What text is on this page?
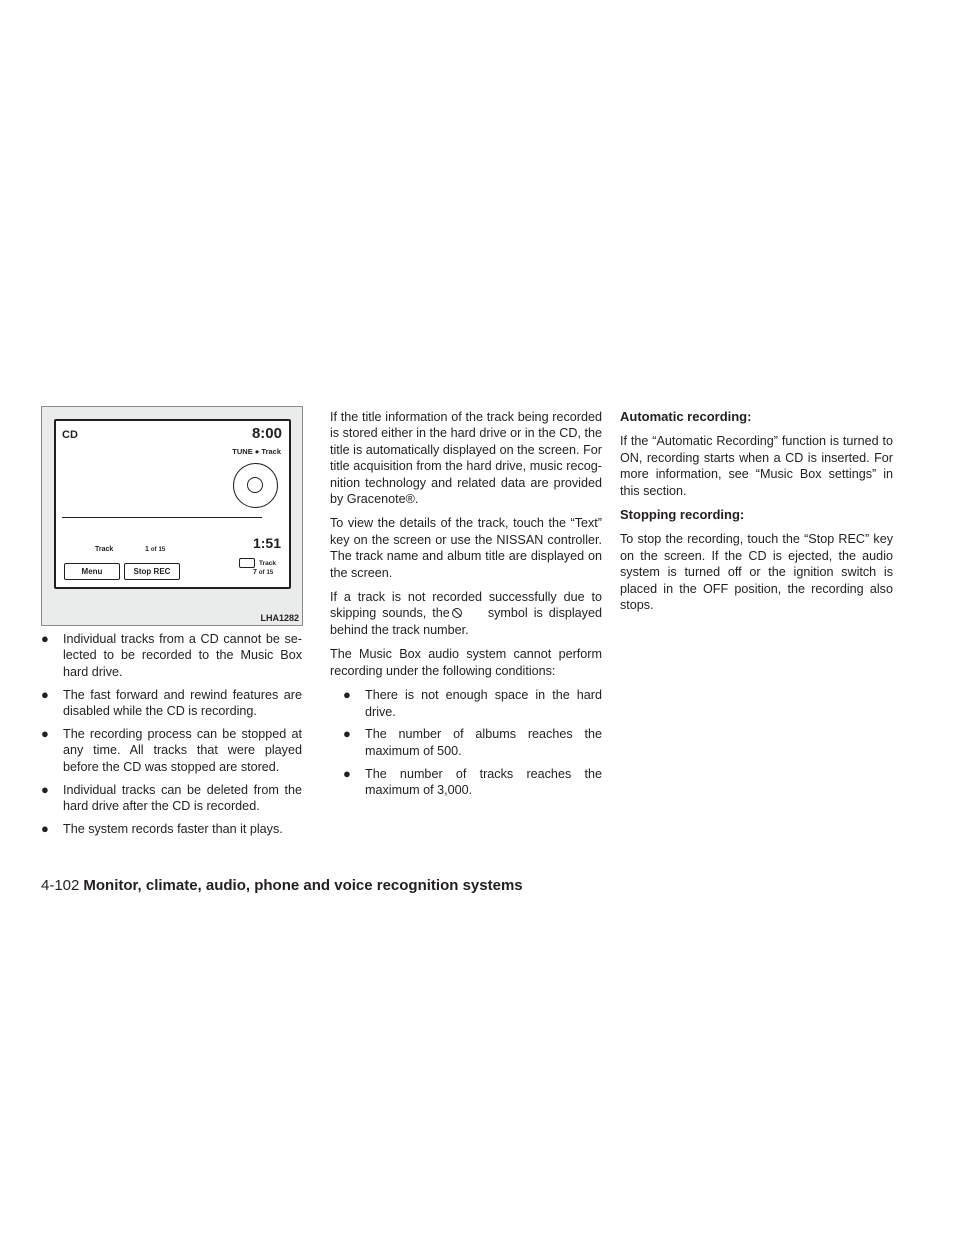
CD	8:00
TUNE ● Track
1:51
Track	1 of 15
Track
7 of 15
Menu	Stop REC
LHA1282
● Individual tracks from a CD cannot be se-lected to be recorded to the Music Box hard drive.
● The fast forward and rewind features are disabled while the CD is recording.
● The recording process can be stopped at any time. All tracks that were played before the CD was stopped are stored.
● Individual tracks can be deleted from the hard drive after the CD is recorded.
● The system records faster than it plays.

If the title information of the track being recorded is stored either in the hard drive or in the CD, the title is automatically displayed on the screen. For title acquisition from the hard drive, music recog-nition technology and related data are provided by Gracenote®.

To view the details of the track, touch the “Text” key on the screen or use the NISSAN controller. The track name and album title are displayed on the screen.

If a track is not recorded successfully due to skipping sounds, the	symbol is displayed behind the track number.

The Music Box audio system cannot perform recording under the following conditions:

● There is not enough space in the hard drive.
● The number of albums reaches the maximum of 500.
● The number of tracks reaches the maximum of 3,000.
Automatic recording:

If the “Automatic Recording” function is turned to ON, recording starts when a CD is inserted. For more information, see “Music Box settings” in this section.

Stopping recording:

To stop the recording, touch the “Stop REC” key on the screen. If the CD is ejected, the audio system is turned off or the ignition switch is placed in the OFF position, the recording also stops.

4-102 Monitor, climate, audio, phone and voice recognition systems
